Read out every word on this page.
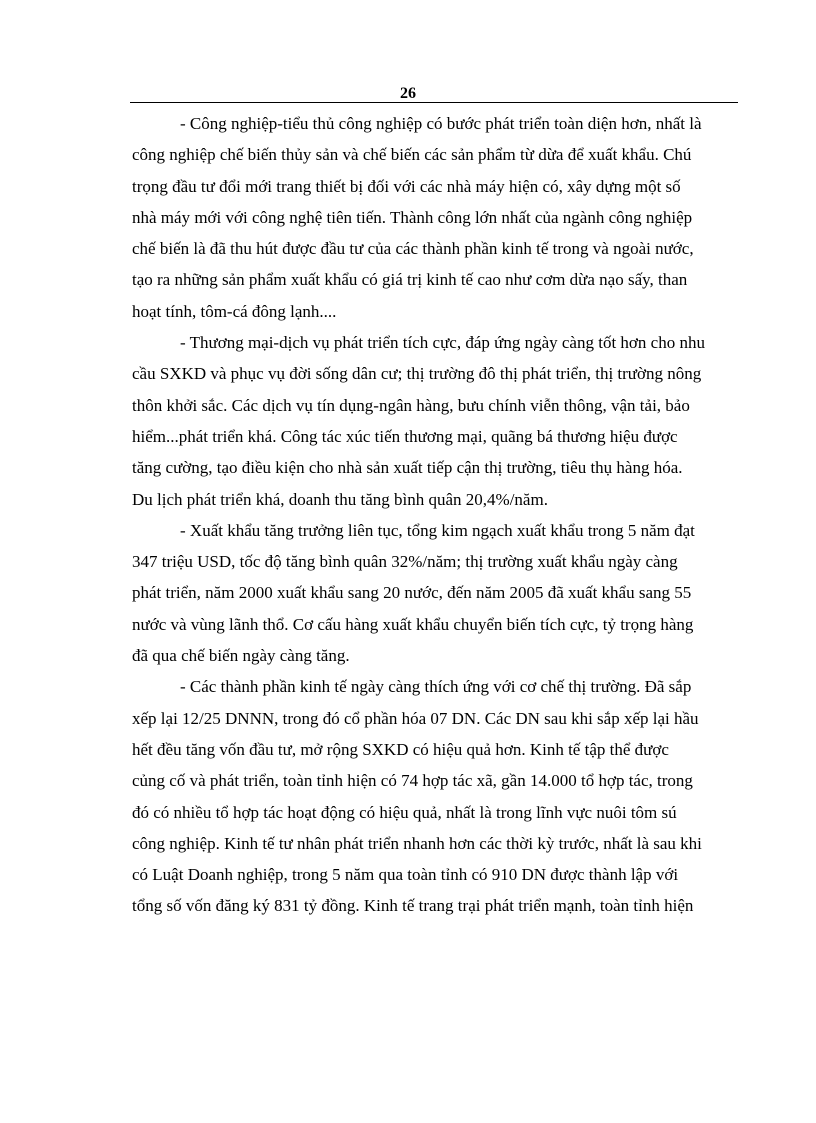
26

- Công nghiệp-tiểu thủ công nghiệp có bước phát triển toàn diện hơn, nhất là
công nghiệp chế biến thủy sản và chế biến các sản phẩm từ dừa để xuất khẩu. Chú
trọng đầu tư đổi mới trang thiết bị đối với các nhà máy hiện có, xây dựng một số
nhà máy mới với công nghệ tiên tiến. Thành công lớn nhất của ngành công nghiệp
chế biến là đã thu hút được đầu tư của các thành phần kinh tế trong và ngoài nước,
tạo ra những sản phẩm xuất khẩu có giá trị kinh tế cao như cơm dừa nạo sấy, than
hoạt tính, tôm-cá đông lạnh....

- Thương mại-dịch vụ phát triển tích cực, đáp ứng ngày càng tốt hơn cho nhu
cầu SXKD và phục vụ đời sống dân cư; thị trường đô thị phát triển, thị trường nông
thôn khởi sắc. Các dịch vụ tín dụng-ngân hàng, bưu chính viễn thông, vận tải, bảo
hiểm...phát triển khá. Công tác xúc tiến thương mại, quãng bá thương hiệu được
tăng cường, tạo điều kiện cho nhà sản xuất tiếp cận thị trường, tiêu thụ hàng hóa.
Du lịch phát triển khá, doanh thu tăng bình quân 20,4%/năm.

- Xuất khẩu tăng trưởng liên tục, tổng kim ngạch xuất khẩu trong 5 năm đạt
347 triệu USD, tốc độ tăng bình quân 32%/năm; thị trường xuất khẩu ngày càng
phát triển, năm 2000 xuất khẩu sang 20 nước, đến năm 2005 đã xuất khẩu sang 55
nước và vùng lãnh thổ. Cơ cấu hàng xuất khẩu chuyển biến tích cực, tỷ trọng hàng
đã qua chế biến ngày càng tăng.

- Các thành phần kinh tế ngày càng thích ứng với cơ chế thị trường. Đã sắp
xếp lại 12/25 DNNN, trong đó cổ phần hóa 07 DN. Các DN sau khi sắp xếp lại hầu
hết đều tăng vốn đầu tư, mở rộng SXKD có hiệu quả hơn. Kinh tế tập thể được
củng cố và phát triển, toàn tỉnh hiện có 74 hợp tác xã, gần 14.000 tổ hợp tác, trong
đó có nhiều tổ hợp tác hoạt động có hiệu quả, nhất là trong lĩnh vực nuôi tôm sú
công nghiệp. Kinh tế tư nhân phát triển nhanh hơn các thời kỳ trước, nhất là sau khi
có Luật Doanh nghiệp, trong 5 năm qua toàn tỉnh có 910 DN được thành lập với
tổng số vốn đăng ký 831 tỷ đồng. Kinh tế trang trại phát triển mạnh, toàn tỉnh hiện
